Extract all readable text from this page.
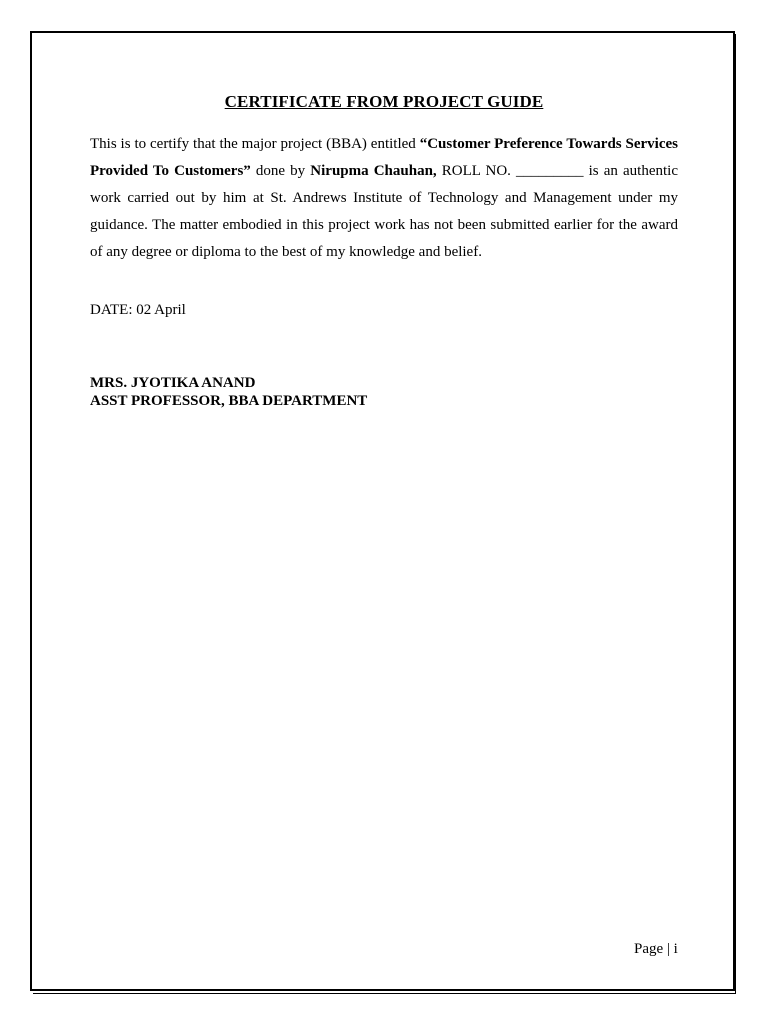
CERTIFICATE FROM PROJECT GUIDE
This is to certify that the major project (BBA) entitled “Customer Preference Towards Services Provided To Customers” done by Nirupma Chauhan, ROLL NO. _________ is an authentic work carried out by him at St. Andrews Institute of Technology and Management under my guidance. The matter embodied in this project work has not been submitted earlier for the award of any degree or diploma to the best of my knowledge and belief.
DATE: 02 April
MRS. JYOTIKA ANAND
ASST PROFESSOR, BBA DEPARTMENT
Page | i
